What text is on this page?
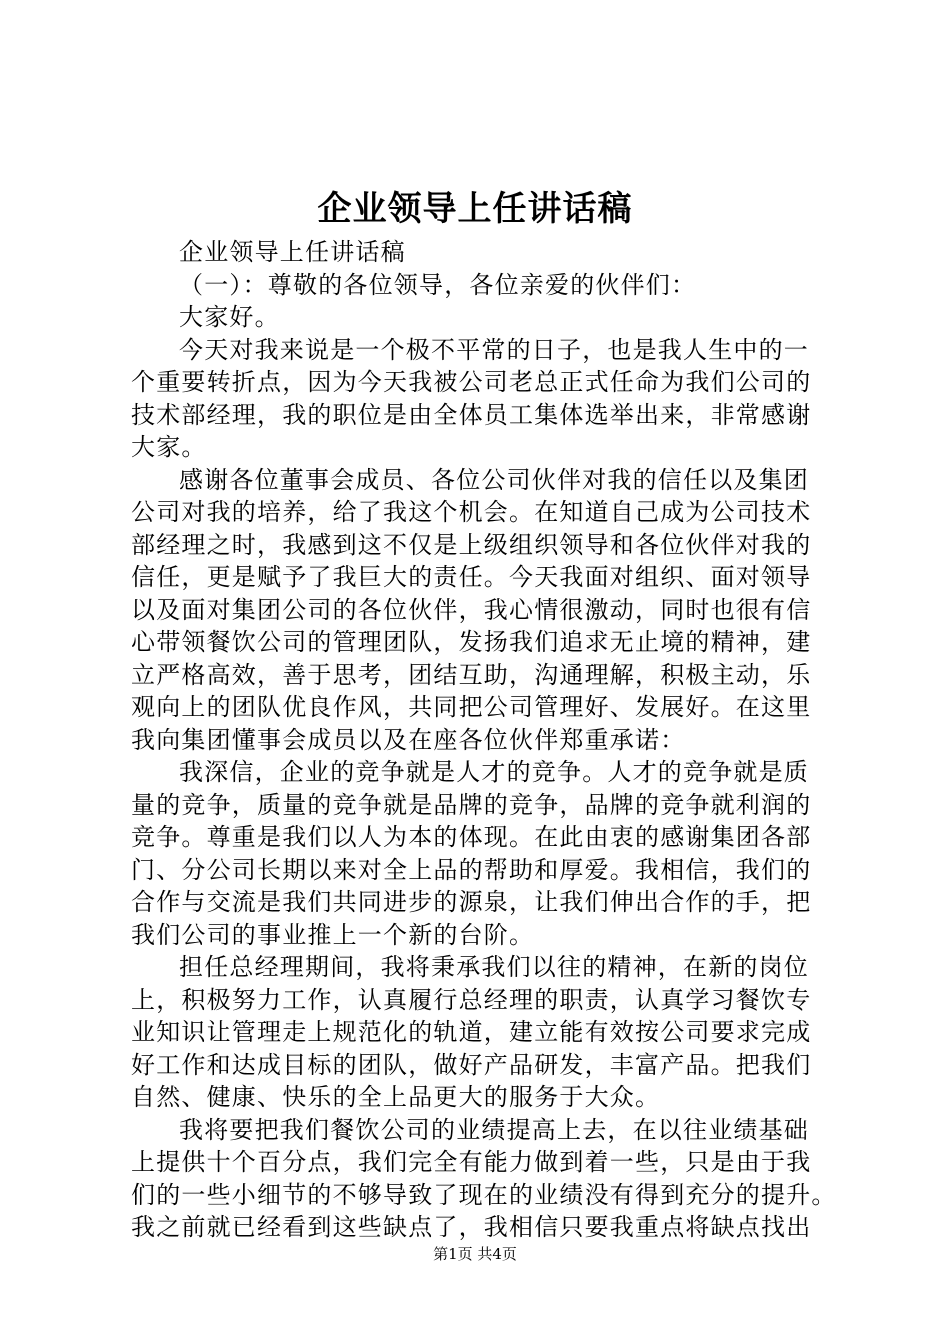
企业领导上任讲话稿
企业领导上任讲话稿
（一）：尊敬的各位领导，各位亲爱的伙伴们：
大家好。
今天对我来说是一个极不平常的日子，也是我人生中的一
个重要转折点，因为今天我被公司老总正式任命为我们公司的
技术部经理，我的职位是由全体员工集体选举出来，非常感谢
大家。
感谢各位董事会成员、各位公司伙伴对我的信任以及集团
公司对我的培养，给了我这个机会。在知道自己成为公司技术
部经理之时，我感到这不仅是上级组织领导和各位伙伴对我的
信任，更是赋予了我巨大的责任。今天我面对组织、面对领导
以及面对集团公司的各位伙伴，我心情很激动，同时也很有信
心带领餐饮公司的管理团队，发扬我们追求无止境的精神，建
立严格高效，善于思考，团结互助，沟通理解，积极主动，乐
观向上的团队优良作风，共同把公司管理好、发展好。在这里
我向集团懂事会成员以及在座各位伙伴郑重承诺：
我深信，企业的竞争就是人才的竞争。人才的竞争就是质
量的竞争，质量的竞争就是品牌的竞争，品牌的竞争就利润的
竞争。尊重是我们以人为本的体现。在此由衷的感谢集团各部
门、分公司长期以来对全上品的帮助和厚爱。我相信，我们的
合作与交流是我们共同进步的源泉，让我们伸出合作的手，把
我们公司的事业推上一个新的台阶。
担任总经理期间，我将秉承我们以往的精神，在新的岗位
上，积极努力工作，认真履行总经理的职责，认真学习餐饮专
业知识让管理走上规范化的轨道，建立能有效按公司要求完成
好工作和达成目标的团队，做好产品研发，丰富产品。把我们
自然、健康、快乐的全上品更大的服务于大众。
我将要把我们餐饮公司的业绩提高上去，在以往业绩基础
上提供十个百分点，我们完全有能力做到着一些，只是由于我
们的一些小细节的不够导致了现在的业绩没有得到充分的提升。
我之前就已经看到这些缺点了，我相信只要我重点将缺点找出
第1页 共4页
